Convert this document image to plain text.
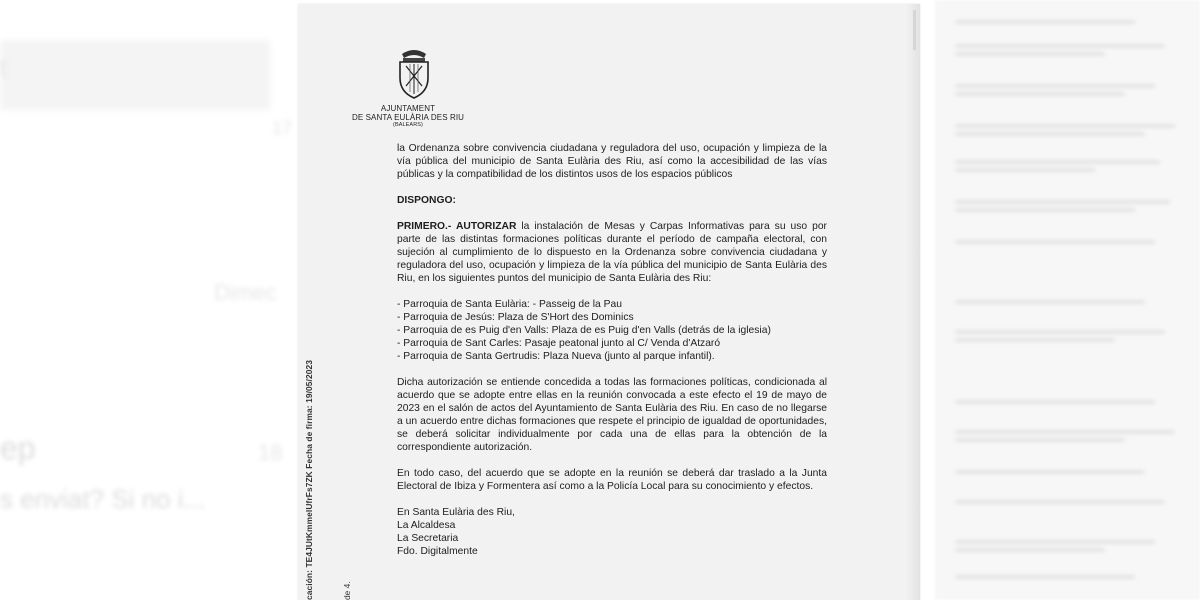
t
17
Dimec
ep	18
s enviat? Si no i...
AJUNTAMENT
DE SANTA EULÀRIA DES RIU
(BALEARS)

la Ordenanza sobre convivencia ciudadana y reguladora del uso, ocupación y limpieza de la vía pública del municipio de Santa Eulària des Riu, así como la accesibilidad de las vías públicas y la compatibilidad de los distintos usos de los espacios públicos

DISPONGO:

PRIMERO.- AUTORIZAR la instalación de Mesas y Carpas Informativas para su uso por parte de las distintas formaciones políticas durante el período de campaña electoral, con sujeción al cumplimiento de lo dispuesto en la Ordenanza sobre convivencia ciudadana y reguladora del uso, ocupación y limpieza de la vía pública del municipio de Santa Eulària des Riu, en los siguientes puntos del municipio de Santa Eulària des Riu:

- Parroquia de Santa Eulària: - Passeig de la Pau

- Parroquia de Jesús: Plaza de S'Hort des Dominics

- Parroquia de es Puig d'en Valls: Plaza de es Puig d'en Valls (detrás de la iglesia)

- Parroquia de Sant Carles: Pasaje peatonal junto al C/ Venda d'Atzaró

- Parroquia de Santa Gertrudis: Plaza Nueva (junto al parque infantil).

Dicha autorización se entiende concedida a todas las formaciones políticas, condicionada al acuerdo que se adopte entre ellas en la reunión convocada a este efecto el 19 de mayo de 2023 en el salón de actos del Ayuntamiento de Santa Eulària des Riu. En caso de no llegarse a un acuerdo entre dichas formaciones que respete el principio de igualdad de oportunidades, se deberá solicitar individualmente por cada una de ellas para la obtención de la correspondiente autorización.

En todo caso, del acuerdo que se adopte en la reunión se deberá dar traslado a la Junta Electoral de Ibiza y Formentera así como a la Policía Local para su conocimiento y efectos.

En Santa Eulària des Riu,

La Alcaldesa

La Secretaria

Fdo. Digitalmente

cación: TE4JUtKmmelUfrFs7ZK Fecha de firma: 19/05/2023	de 4.
